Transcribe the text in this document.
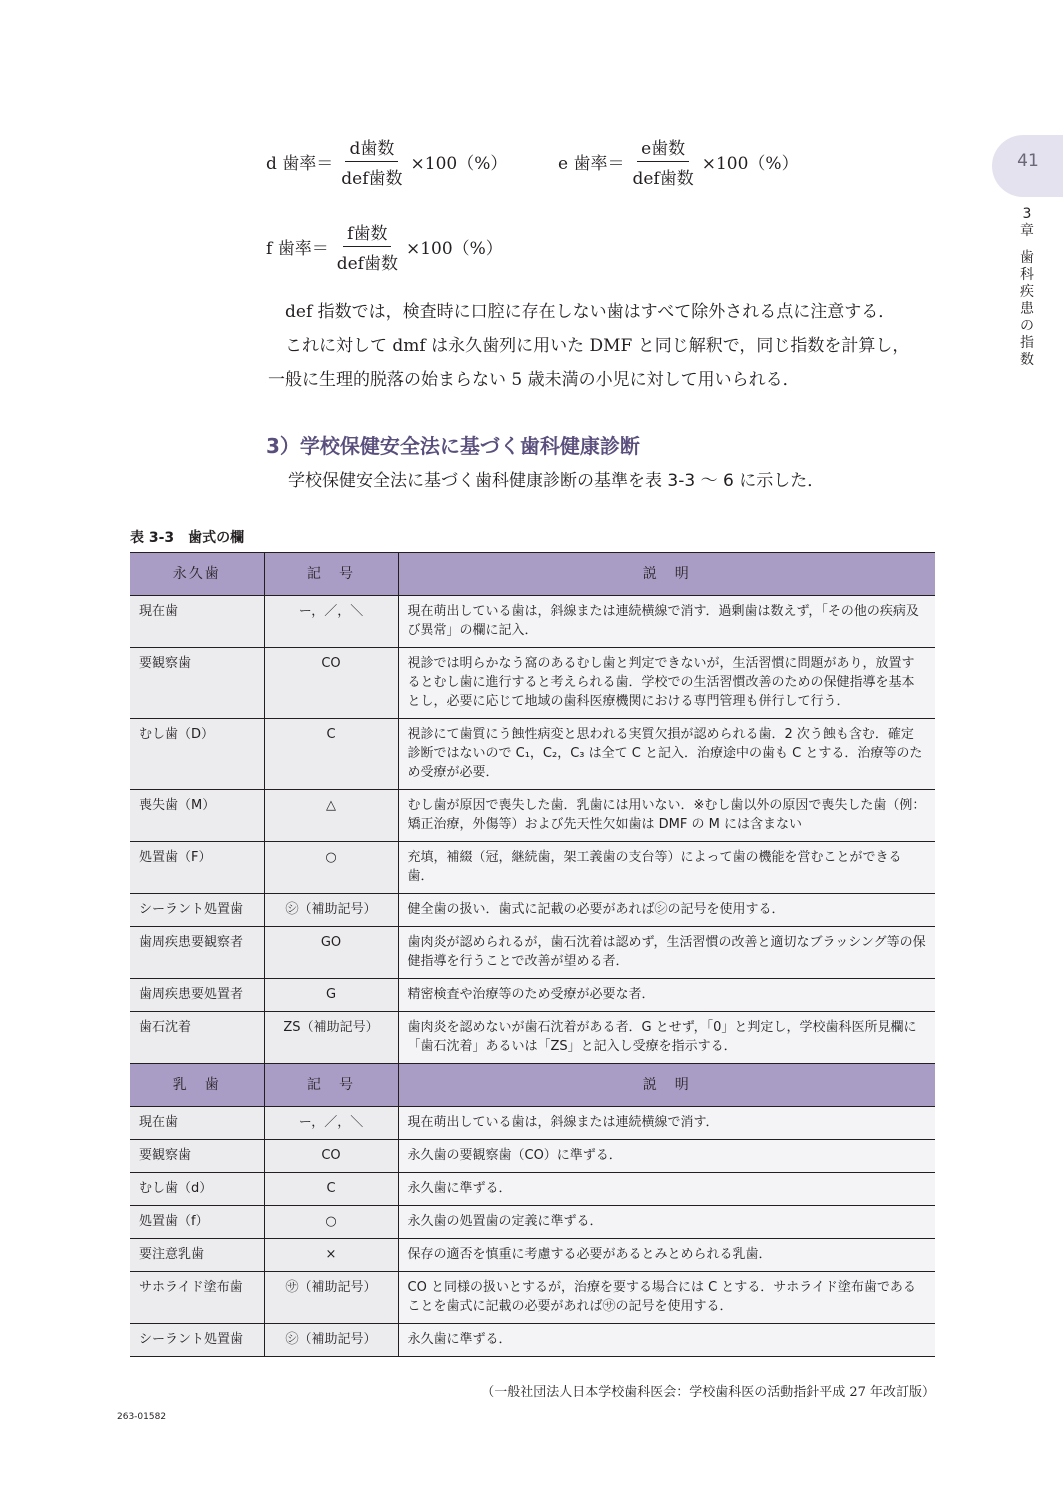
41
3
章
歯
科
疾
患
の
指
数
d 歯率＝ $\frac{\text{d歯数}}{\text{def歯数}} \times 100(\%)$	e 歯率＝ $\frac{\text{e歯数}}{\text{def歯数}} \times 100(\%)$
f 歯率＝ $\frac{\text{f歯数}}{\text{def歯数}} \times 100(\%)$

　def 指数では，検査時に口腔に存在しない歯はすべて除外される点に注意する．

　これに対して dmf は永久歯列に用いた DMF と同じ解釈で，同じ指数を計算し，

一般に生理的脱落の始まらない 5 歳未満の小児に対して用いられる．

3）学校保健安全法に基づく歯科健康診断
学校保健安全法に基づく歯科健康診断の基準を表 3-3 〜 6 に示した．
表 3-3　歯式の欄
永久歯	記　号	説　明
現在歯	ー，／，＼	現在萌出している歯は，斜線または連続横線で消す．過剰歯は数えず，「その他の疾病及び異常」の欄に記入．
要観察歯	CO	視診では明らかなう窩のあるむし歯と判定できないが，生活習慣に問題があり，放置するとむし歯に進行すると考えられる歯．学校での生活習慣改善のための保健指導を基本とし，必要に応じて地域の歯科医療機関における専門管理も併行して行う．
むし歯（D）	C	視診にて歯質にう蝕性病変と思われる実質欠損が認められる歯．2 次う蝕も含む．確定診断ではないので C₁，C₂，C₃ は全て C と記入．治療途中の歯も C とする．治療等のため受療が必要．
喪失歯（M）	△	むし歯が原因で喪失した歯．乳歯には用いない．※むし歯以外の原因で喪失した歯（例：矯正治療，外傷等）および先天性欠如歯は DMF の M には含まない
処置歯（F）	○	充填，補綴（冠，継続歯，架工義歯の支台等）によって歯の機能を営むことができる歯．
シーラント処置歯	㋛（補助記号）	健全歯の扱い．歯式に記載の必要があれば㋛の記号を使用する．
歯周疾患要観察者	GO	歯肉炎が認められるが，歯石沈着は認めず，生活習慣の改善と適切なブラッシング等の保健指導を行うことで改善が望める者．
歯周疾患要処置者	G	精密検査や治療等のため受療が必要な者．
歯石沈着	ZS（補助記号）	歯肉炎を認めないが歯石沈着がある者．G とせず，「0」と判定し，学校歯科医所見欄に「歯石沈着」あるいは「ZS」と記入し受療を指示する．
乳　歯	記　号	説　明
現在歯	ー，／，＼	現在萌出している歯は，斜線または連続横線で消す．
要観察歯	CO	永久歯の要観察歯（CO）に準ずる．
むし歯（d）	C	永久歯に準ずる．
処置歯（f）	○	永久歯の処置歯の定義に準ずる．
要注意乳歯	×	保存の適否を慎重に考慮する必要があるとみとめられる乳歯．
サホライド塗布歯	㋚（補助記号）	CO と同様の扱いとするが，治療を要する場合には C とする．サホライド塗布歯であることを歯式に記載の必要があれば㋚の記号を使用する．
シーラント処置歯	㋛（補助記号）	永久歯に準ずる．
（一般社団法人日本学校歯科医会：学校歯科医の活動指針平成 27 年改訂版）
263-01582
